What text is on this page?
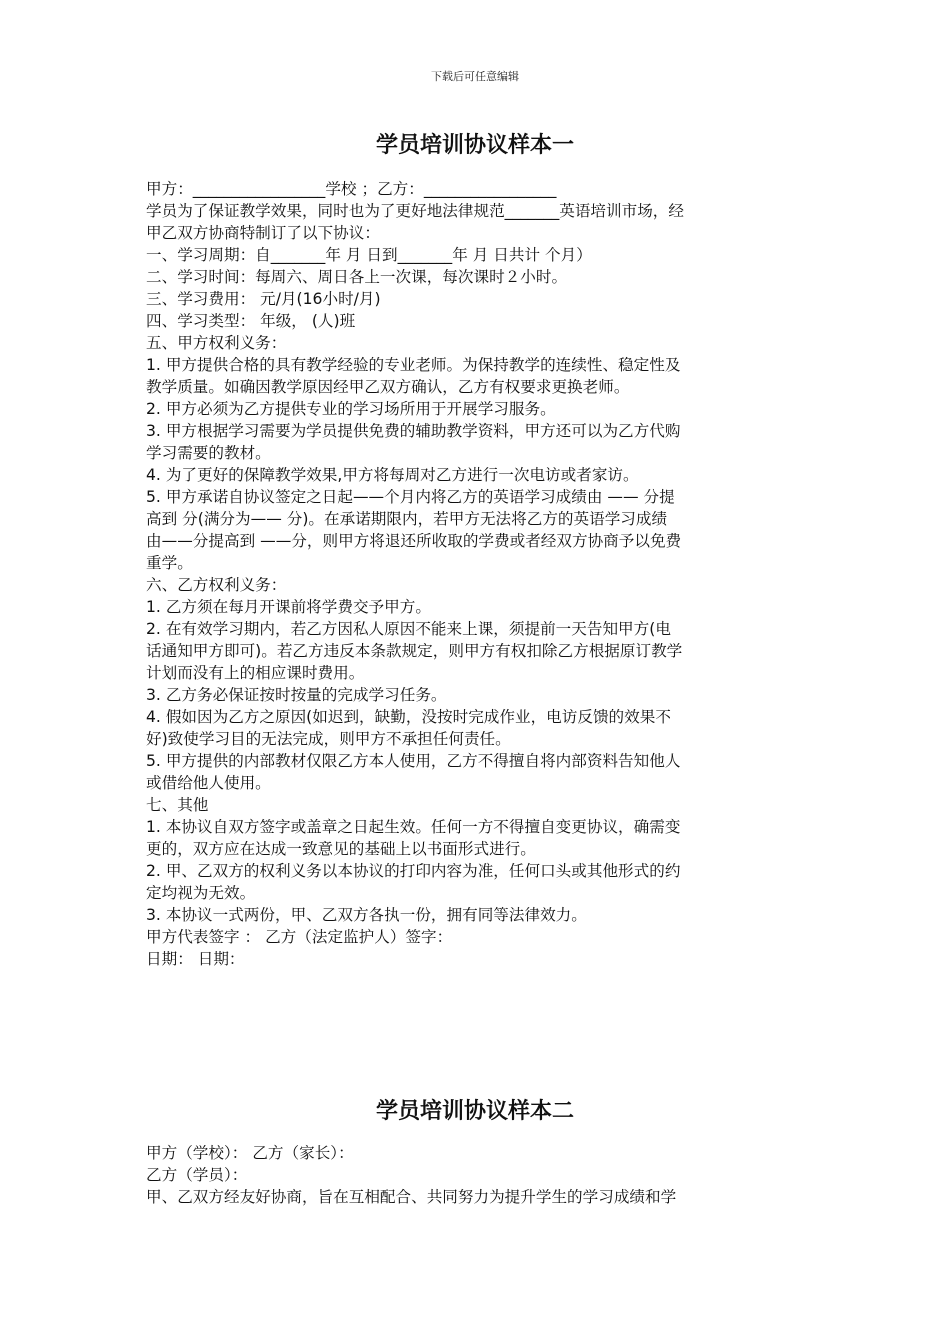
下载后可任意编辑
学员培训协议样本一
甲方：_________________学校 ；乙方：_________________
学员为了保证教学效果，同时也为了更好地法律规范_______英语培训市场，经
甲乙双方协商特制订了以下协议：
一、学习周期：自_______年 月 日到_______年 月 日共计 个月）
二、学习时间：每周六、周日各上一次课，每次课时２小时。
三、学习费用： 元/月(16小时/月)
四、学习类型： 年级， (人)班
五、甲方权利义务：
1. 甲方提供合格的具有教学经验的专业老师。为保持教学的连续性、稳定性及
教学质量。如确因教学原因经甲乙双方确认，乙方有权要求更换老师。
2. 甲方必须为乙方提供专业的学习场所用于开展学习服务。
3. 甲方根据学习需要为学员提供免费的辅助教学资料，甲方还可以为乙方代购
学习需要的教材。
4. 为了更好的保障教学效果,甲方将每周对乙方进行一次电访或者家访。
5. 甲方承诺自协议签定之日起——个月内将乙方的英语学习成绩由 —— 分提
高到 分(满分为—— 分)。在承诺期限内，若甲方无法将乙方的英语学习成绩
由——分提高到 ——分，则甲方将退还所收取的学费或者经双方协商予以免费
重学。
六、乙方权利义务：
1. 乙方须在每月开课前将学费交予甲方。
2. 在有效学习期内，若乙方因私人原因不能来上课，须提前一天告知甲方(电
话通知甲方即可)。若乙方违反本条款规定，则甲方有权扣除乙方根据原订教学
计划而没有上的相应课时费用。
3. 乙方务必保证按时按量的完成学习任务。
4. 假如因为乙方之原因(如迟到，缺勤，没按时完成作业，电访反馈的效果不
好)致使学习目的无法完成，则甲方不承担任何责任。
5. 甲方提供的内部教材仅限乙方本人使用，乙方不得擅自将内部资料告知他人
或借给他人使用。
七、其他
1. 本协议自双方签字或盖章之日起生效。任何一方不得擅自变更协议，确需变
更的，双方应在达成一致意见的基础上以书面形式进行。
2. 甲、乙双方的权利义务以本协议的打印内容为准，任何口头或其他形式的约
定均视为无效。
3. 本协议一式两份，甲、乙双方各执一份，拥有同等法律效力。
甲方代表签字 ： 乙方（法定监护人）签字：
日期： 日期：
学员培训协议样本二
甲方（学校）： 乙方（家长）：
乙方（学员）：
甲、乙双方经友好协商，旨在互相配合、共同努力为提升学生的学习成绩和学
